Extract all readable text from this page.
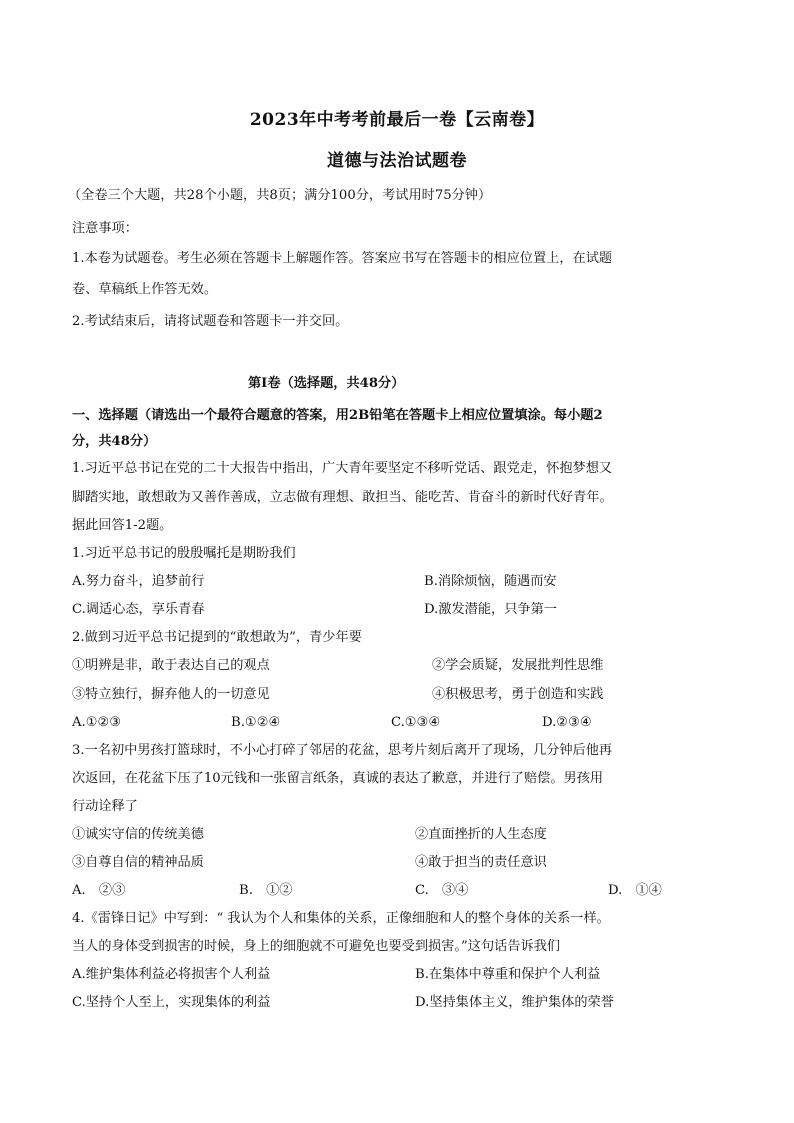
2023年中考考前最后一卷【云南卷】
道德与法治试题卷
（全卷三个大题，共28个小题，共8页；满分100分，考试用时75分钟）
注意事项：
1.本卷为试题卷。考生必须在答题卡上解题作答。答案应书写在答题卡的相应位置上，在试题
卷、草稿纸上作答无效。
2.考试结束后，请将试题卷和答题卡一并交回。
第Ⅰ卷（选择题，共48分）
一、选择题（请选出一个最符合题意的答案，用2B铅笔在答题卡上相应位置填涂。每小题2
分，共48分）
1.习近平总书记在党的二十大报告中指出，广大青年要坚定不移听党话、跟党走，怀抱梦想又
脚踏实地，敢想敢为又善作善成，立志做有理想、敢担当、能吃苦、肯奋斗的新时代好青年。
据此回答1-2题。
1.习近平总书记的殷殷嘱托是期盼我们
A.努力奋斗，追梦前行	B.消除烦恼，随遇而安
C.调适心态，享乐青春	D.激发潜能，只争第一
2.做到习近平总书记提到的“敢想敢为”，青少年要
①明辨是非，敢于表达自己的观点	②学会质疑，发展批判性思维
③特立独行，摒弃他人的一切意见	④积极思考，勇于创造和实践
A.①②③	B.①②④	C.①③④	D.②③④
3.一名初中男孩打篮球时，不小心打碎了邻居的花盆，思考片刻后离开了现场，几分钟后他再
次返回，在花盆下压了10元钱和一张留言纸条，真诚的表达了歉意，并进行了赔偿。男孩用
行动诠释了
①诚实守信的传统美德	②直面挫折的人生态度
③自尊自信的精神品质	④敢于担当的责任意识
A.　②③	B.　①②	C.　③④	D.　①④
4.《雷锋日记》中写到：“ 我认为个人和集体的关系，正像细胞和人的整个身体的关系一样。
当人的身体受到损害的时候，身上的细胞就不可避免也要受到损害。”这句话告诉我们
A.维护集体利益必将损害个人利益	B.在集体中尊重和保护个人利益
C.坚持个人至上，实现集体的利益	D.坚持集体主义，维护集体的荣誉
